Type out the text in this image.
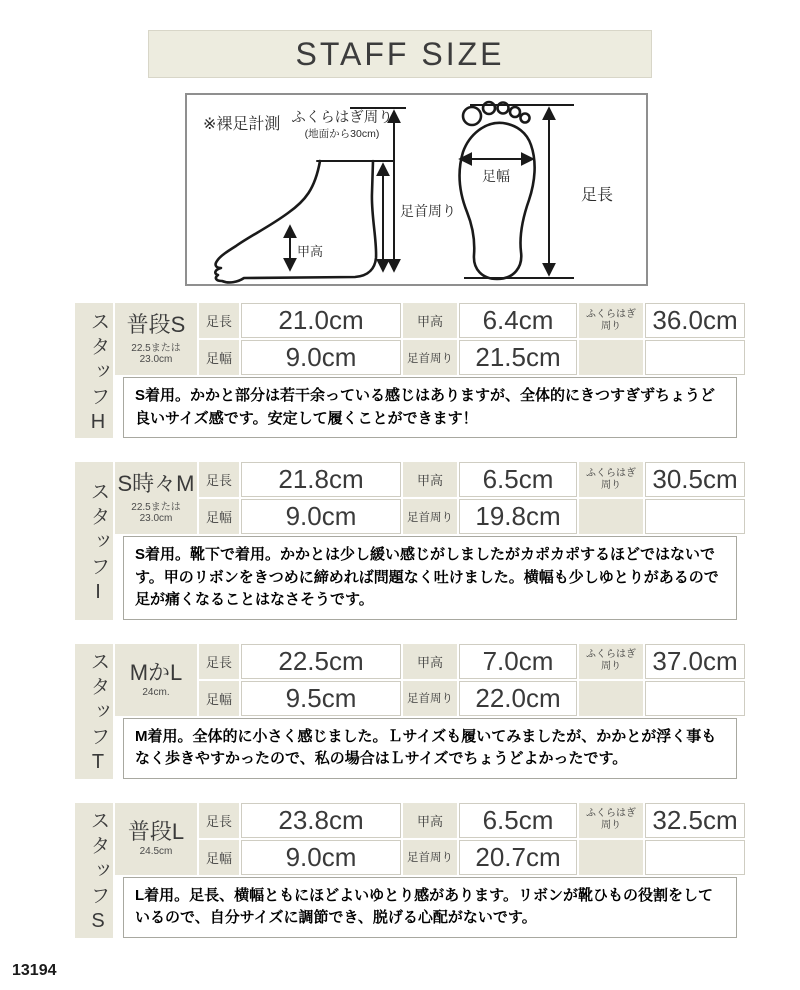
STAFF SIZE
※裸足計測 ふくらはぎ周り
(地面から30cm)
足首周り
甲高
足幅
足長
スタッフH 普段S
22.5または23.0cm	足長	21.0cm	甲高	6.4cm	ふくらはぎ周り	36.0cm
	足幅	9.0cm	足首周り	21.5cm		
S着用。かかと部分は若干余っている感じはありますが、全体的にきつすぎずちょうど良いサイズ感です。安定して履くことができます！
スタッフI S時々M
22.5または23.0cm	足長	21.8cm	甲高	6.5cm	ふくらはぎ周り	30.5cm
	足幅	9.0cm	足首周り	19.8cm		
S着用。靴下で着用。かかとは少し緩い感じがしましたがカポカポするほどではないです。甲のリボンをきつめに締めれば問題なく吐けました。横幅も少しゆとりがあるので足が痛くなることはなさそうです。
スタッフT MかL
24cm.	足長	22.5cm	甲高	7.0cm	ふくらはぎ周り	37.0cm
	足幅	9.5cm	足首周り	22.0cm		
M着用。全体的に小さく感じました。Ｌサイズも履いてみましたが、かかとが浮く事もなく歩きやすかったので、私の場合はＬサイズでちょうどよかったです。
スタッフS 普段L
24.5cm	足長	23.8cm	甲高	6.5cm	ふくらはぎ周り	32.5cm
	足幅	9.0cm	足首周り	20.7cm		
L着用。足長、横幅ともにほどよいゆとり感があります。リボンが靴ひもの役割をしているので、自分サイズに調節でき、脱げる心配がないです。
13194
